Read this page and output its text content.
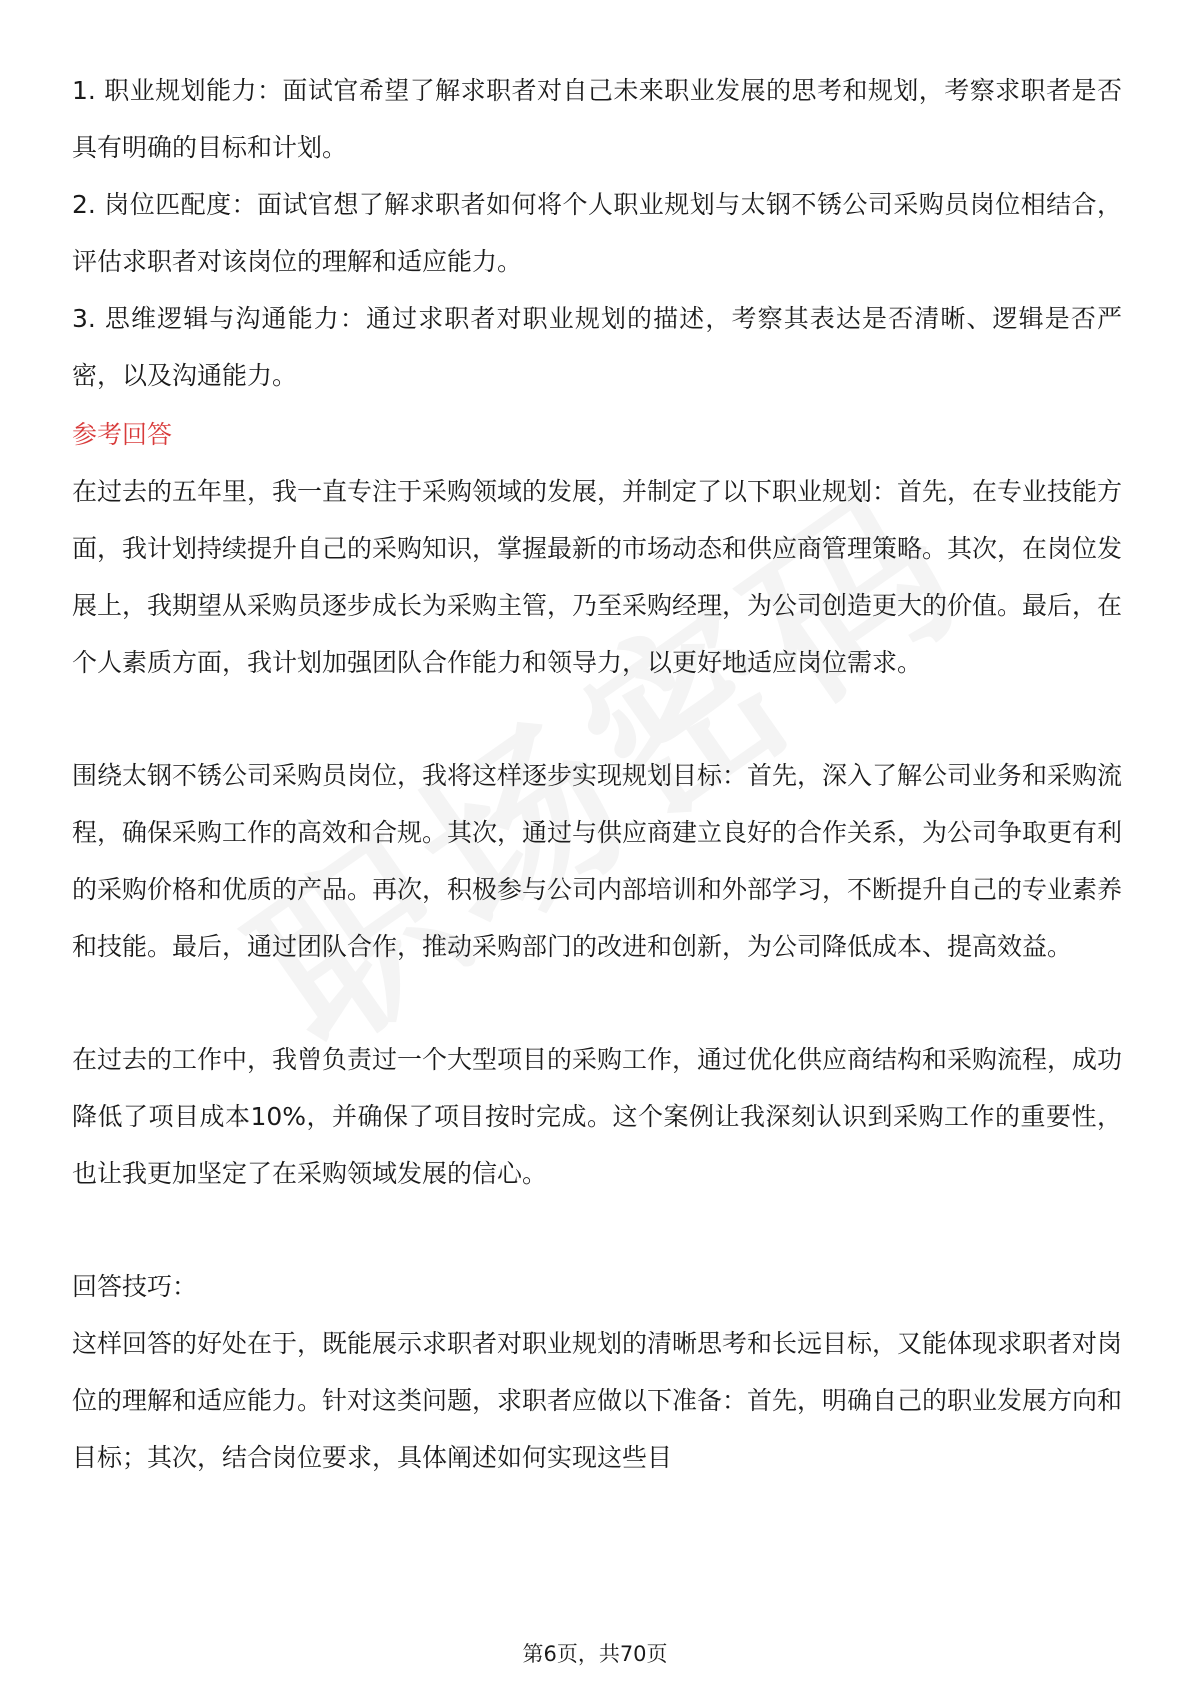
1. 职业规划能力：面试官希望了解求职者对自己未来职业发展的思考和规划，考察求职者是否具有明确的目标和计划。

2. 岗位匹配度：面试官想了解求职者如何将个人职业规划与太钢不锈公司采购员岗位相结合，评估求职者对该岗位的理解和适应能力。

3. 思维逻辑与沟通能力：通过求职者对职业规划的描述，考察其表达是否清晰、逻辑是否严密，以及沟通能力。

参考回答

在过去的五年里，我一直专注于采购领域的发展，并制定了以下职业规划：首先，在专业技能方面，我计划持续提升自己的采购知识，掌握最新的市场动态和供应商管理策略。其次，在岗位发展上，我期望从采购员逐步成长为采购主管，乃至采购经理，为公司创造更大的价值。最后，在个人素质方面，我计划加强团队合作能力和领导力，以更好地适应岗位需求。

围绕太钢不锈公司采购员岗位，我将这样逐步实现规划目标：首先，深入了解公司业务和采购流程，确保采购工作的高效和合规。其次，通过与供应商建立良好的合作关系，为公司争取更有利的采购价格和优质的产品。再次，积极参与公司内部培训和外部学习，不断提升自己的专业素养和技能。最后，通过团队合作，推动采购部门的改进和创新，为公司降低成本、提高效益。

在过去的工作中，我曾负责过一个大型项目的采购工作，通过优化供应商结构和采购流程，成功降低了项目成本10%，并确保了项目按时完成。这个案例让我深刻认识到采购工作的重要性，也让我更加坚定了在采购领域发展的信心。

回答技巧：

这样回答的好处在于，既能展示求职者对职业规划的清晰思考和长远目标，又能体现求职者对岗位的理解和适应能力。针对这类问题，求职者应做以下准备：首先，明确自己的职业发展方向和目标；其次，结合岗位要求，具体阐述如何实现这些目

第6页，共70页
